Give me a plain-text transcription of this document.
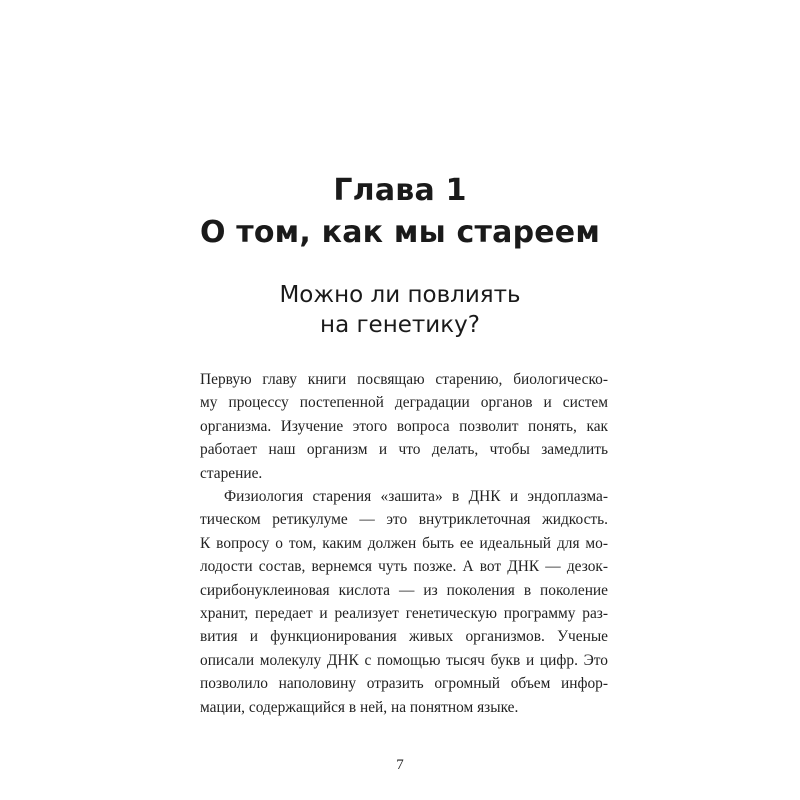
Глава 1
О том, как мы стареем
Можно ли повлиять
на генетику?

Первую главу книги посвящаю старению, биологическо-
му процессу постепенной деградации органов и систем
организма. Изучение этого вопроса позволит понять, как
работает наш организм и что делать, чтобы замедлить
старение.

Физиология старения «зашита» в ДНК и эндоплазма-
тическом ретикулуме — это внутриклеточная жидкость.
К вопросу о том, каким должен быть ее идеальный для мо-
лодости состав, вернемся чуть позже. А вот ДНК — дезок-
сирибонуклеиновая кислота — из поколения в поколение
хранит, передает и реализует генетическую программу раз-
вития и функционирования живых организмов. Ученые
описали молекулу ДНК с помощью тысяч букв и цифр. Это
позволило наполовину отразить огромный объем инфор-
мации, содержащийся в ней, на понятном языке.

7
